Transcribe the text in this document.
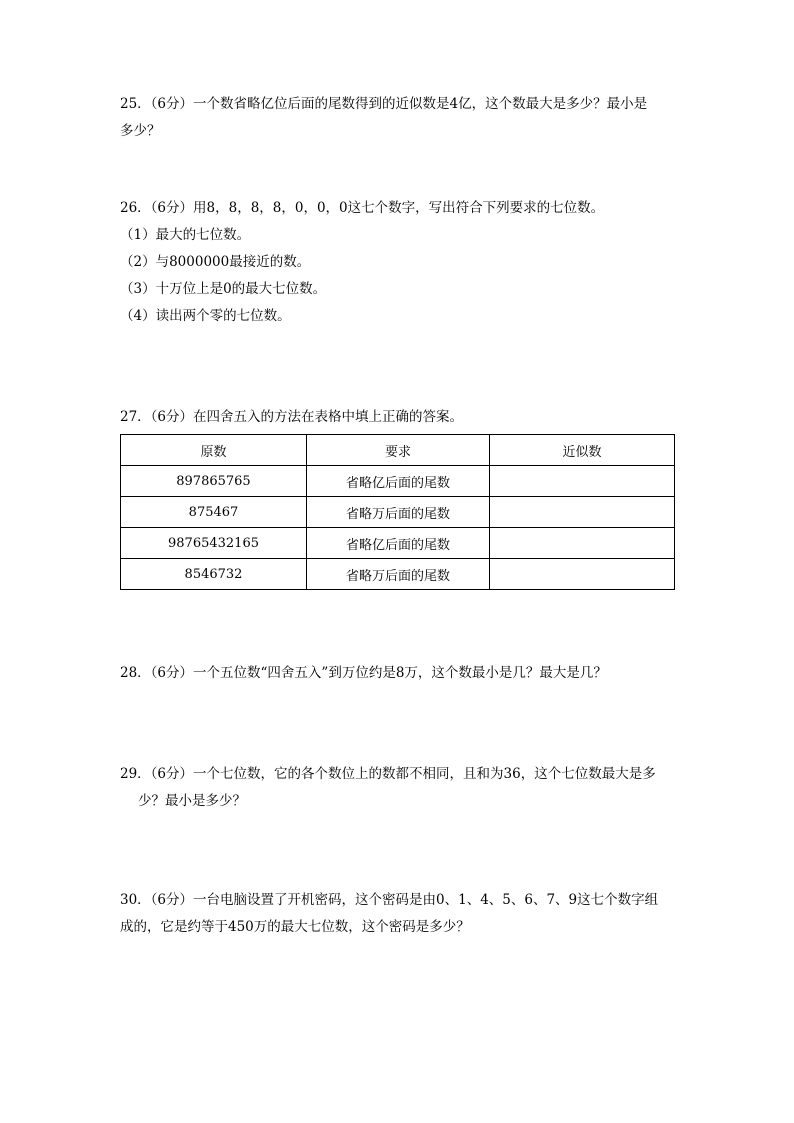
25．（6分）一个数省略亿位后面的尾数得到的近似数是4亿，这个数最大是多少？最小是

多少？

26．（6分）用8，8，8，8，0，0，0这七个数字，写出符合下列要求的七位数。

（1）最大的七位数。

（2）与8000000最接近的数。

（3）十万位上是0的最大七位数。

（4）读出两个零的七位数。

27．（6分）在四舍五入的方法在表格中填上正确的答案。

原数	要求	近似数
897865765	省略亿后面的尾数	
875467	省略万后面的尾数	
98765432165	省略亿后面的尾数	
8546732	省略万后面的尾数	

28．（6分）一个五位数“四舍五入”到万位约是8万，这个数最小是几？最大是几？

29．（6分）一个七位数，它的各个数位上的数都不相同，且和为36，这个七位数最大是多

少？最小是多少？

30．（6分）一台电脑设置了开机密码，这个密码是由0、1、4、5、6、7、9这七个数字组

成的，它是约等于450万的最大七位数，这个密码是多少？
